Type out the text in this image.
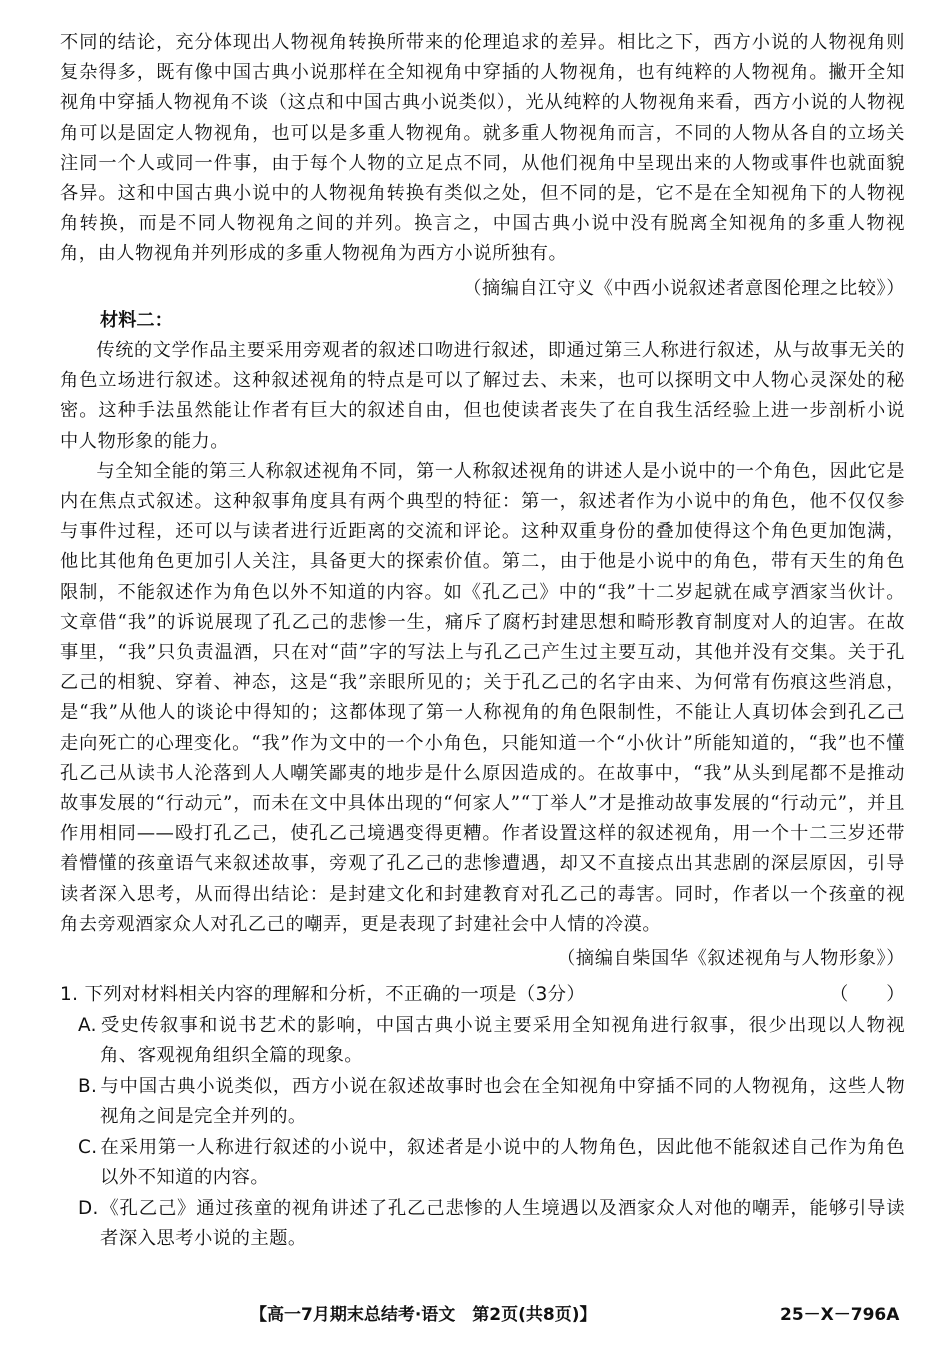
不同的结论，充分体现出人物视角转换所带来的伦理追求的差异。相比之下，西方小说的人物视角则复杂得多，既有像中国古典小说那样在全知视角中穿插的人物视角，也有纯粹的人物视角。撇开全知视角中穿插人物视角不谈（这点和中国古典小说类似），光从纯粹的人物视角来看，西方小说的人物视角可以是固定人物视角，也可以是多重人物视角。就多重人物视角而言，不同的人物从各自的立场关注同一个人或同一件事，由于每个人物的立足点不同，从他们视角中呈现出来的人物或事件也就面貌各异。这和中国古典小说中的人物视角转换有类似之处，但不同的是，它不是在全知视角下的人物视角转换，而是不同人物视角之间的并列。换言之，中国古典小说中没有脱离全知视角的多重人物视角，由人物视角并列形成的多重人物视角为西方小说所独有。

（摘编自江守义《中西小说叙述者意图伦理之比较》）

材料二：

传统的文学作品主要采用旁观者的叙述口吻进行叙述，即通过第三人称进行叙述，从与故事无关的角色立场进行叙述。这种叙述视角的特点是可以了解过去、未来，也可以探明文中人物心灵深处的秘密。这种手法虽然能让作者有巨大的叙述自由，但也使读者丧失了在自我生活经验上进一步剖析小说中人物形象的能力。

与全知全能的第三人称叙述视角不同，第一人称叙述视角的讲述人是小说中的一个角色，因此它是内在焦点式叙述。这种叙事角度具有两个典型的特征：第一，叙述者作为小说中的角色，他不仅仅参与事件过程，还可以与读者进行近距离的交流和评论。这种双重身份的叠加使得这个角色更加饱满，他比其他角色更加引人关注，具备更大的探索价值。第二，由于他是小说中的角色，带有天生的角色限制，不能叙述作为角色以外不知道的内容。如《孔乙己》中的“我”十二岁起就在咸亨酒家当伙计。文章借“我”的诉说展现了孔乙己的悲惨一生，痛斥了腐朽封建思想和畸形教育制度对人的迫害。在故事里，“我”只负责温酒，只在对“茴”字的写法上与孔乙己产生过主要互动，其他并没有交集。关于孔乙己的相貌、穿着、神态，这是“我”亲眼所见的；关于孔乙己的名字由来、为何常有伤痕这些消息，是“我”从他人的谈论中得知的；这都体现了第一人称视角的角色限制性，不能让人真切体会到孔乙己走向死亡的心理变化。“我”作为文中的一个小角色，只能知道一个“小伙计”所能知道的，“我”也不懂孔乙己从读书人沦落到人人嘲笑鄙夷的地步是什么原因造成的。在故事中，“我”从头到尾都不是推动故事发展的“行动元”，而未在文中具体出现的“何家人”“丁举人”才是推动故事发展的“行动元”，并且作用相同——殴打孔乙己，使孔乙己境遇变得更糟。作者设置这样的叙述视角，用一个十二三岁还带着懵懂的孩童语气来叙述故事，旁观了孔乙己的悲惨遭遇，却又不直接点出其悲剧的深层原因，引导读者深入思考，从而得出结论：是封建文化和封建教育对孔乙己的毒害。同时，作者以一个孩童的视角去旁观酒家众人对孔乙己的嘲弄，更是表现了封建社会中人情的冷漠。

（摘编自柴国华《叙述视角与人物形象》）

1. 下列对材料相关内容的理解和分析，不正确的一项是（3分）	（　　）

A. 受史传叙事和说书艺术的影响，中国古典小说主要采用全知视角进行叙事，很少出现以人物视角、客观视角组织全篇的现象。

B. 与中国古典小说类似，西方小说在叙述故事时也会在全知视角中穿插不同的人物视角，这些人物视角之间是完全并列的。

C. 在采用第一人称进行叙述的小说中，叙述者是小说中的人物角色，因此他不能叙述自己作为角色以外不知道的内容。

D.《孔乙己》通过孩童的视角讲述了孔乙己悲惨的人生境遇以及酒家众人对他的嘲弄，能够引导读者深入思考小说的主题。

【高一7月期末总结考·语文　第2页(共8页)】	25－X－796A
